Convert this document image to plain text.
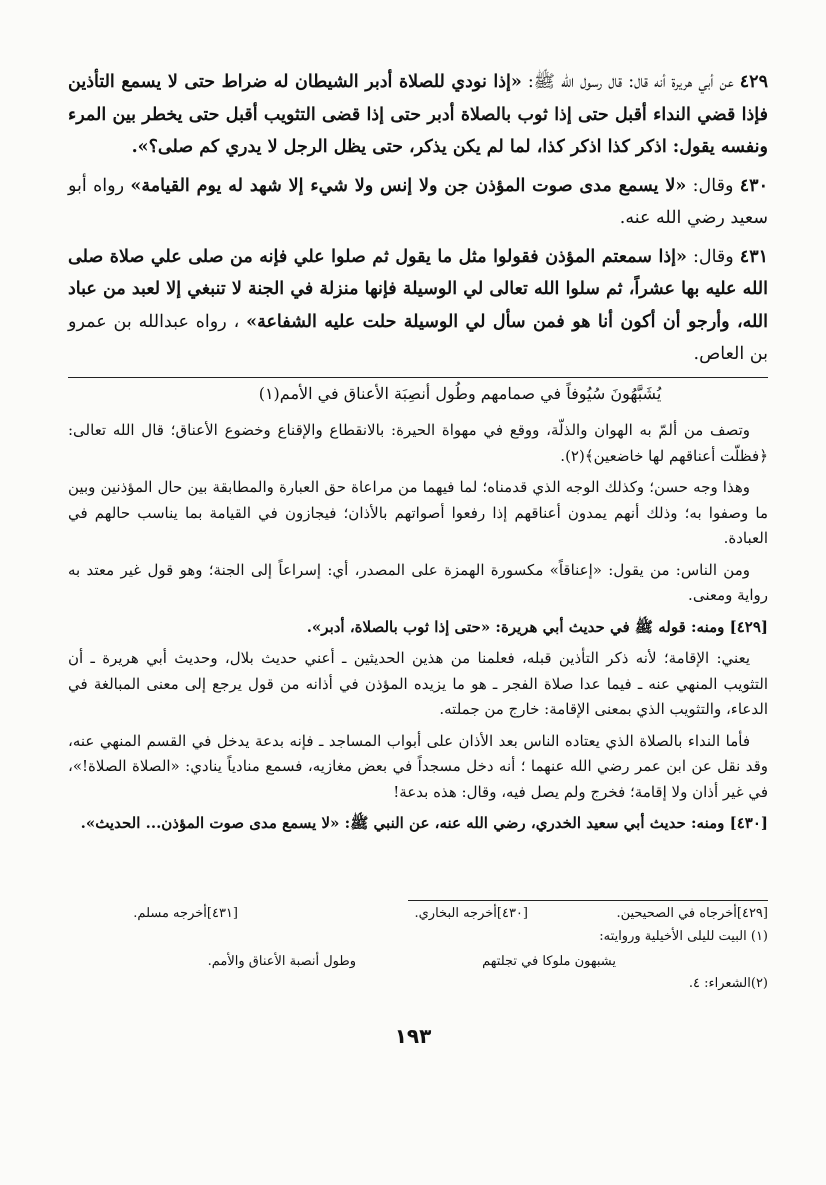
٤٢٩ عن أبي هريرة أنه قال: قال رسول الله ﷺ: «إذا نودي للصلاة أدبر الشيطان له ضراط حتى لا يسمع التأذين فإذا قضي النداء أقبل حتى إذا ثوب بالصلاة أدبر حتى إذا قضى التثويب أقبل حتى يخطر بين المرء ونفسه يقول: اذكر كذا اذكر كذا، لما لم يكن يذكر، حتى يظل الرجل لا يدري كم صلى؟».
٤٣٠ وقال: «لا يسمع مدى صوت المؤذن جن ولا إنس ولا شيء إلا شهد له يوم القيامة» رواه أبو سعيد رضي الله عنه.
٤٣١ وقال: «إذا سمعتم المؤذن فقولوا مثل ما يقول ثم صلوا علي فإنه من صلى علي صلاة صلى الله عليه بها عشراً، ثم سلوا الله تعالى لي الوسيلة فإنها منزلة في الجنة لا تنبغي إلا لعبد من عباد الله، وأرجو أن أكون أنا هو فمن سأل لي الوسيلة حلت عليه الشفاعة» ، رواه عبدالله بن عمرو بن العاص.
يُشَبَّهُونَ سُيُوفاً في صمامهم وطُول أنصِبَة الأعناق في الأمم(١)

وتصف من ألمّ به الهوان والذلّة، ووقع في مهواة الحيرة: بالانقطاع والإقناع وخضوع الأعناق؛ قال الله تعالى: ﴿فظلّت أعناقهم لها خاضعين﴾(٢).

وهذا وجه حسن؛ وكذلك الوجه الذي قدمناه؛ لما فيهما من مراعاة حق العبارة والمطابقة بين حال المؤذنين وبين ما وصفوا به؛ وذلك أنهم يمدون أعناقهم إذا رفعوا أصواتهم بالأذان؛ فيجازون في القيامة بما يناسب حالهم في العبادة.

ومن الناس: من يقول: «إعناقاً» مكسورة الهمزة على المصدر، أي: إسراعاً إلى الجنة؛ وهو قول غير معتد به رواية ومعنى.

[٤٢٩] ومنه: قوله ﷺ في حديث أبي هريرة: «حتى إذا ثوب بالصلاة، أدبر».

يعني: الإقامة؛ لأنه ذكر التأذين قبله، فعلمنا من هذين الحديثين ـ أعني حديث بلال، وحديث أبي هريرة ـ أن التثويب المنهي عنه ـ فيما عدا صلاة الفجر ـ هو ما يزيده المؤذن في أذانه من قول يرجع إلى معنى المبالغة في الدعاء، والتثويب الذي بمعنى الإقامة: خارج من جملته.

فأما النداء بالصلاة الذي يعتاده الناس بعد الأذان على أبواب المساجد ـ فإنه بدعة يدخل في القسم المنهي عنه، وقد نقل عن ابن عمر رضي الله عنهما ؛ أنه دخل مسجداً في بعض مغازيه، فسمع منادياً ينادي: «الصلاة الصلاة!»، في غير أذان ولا إقامة؛ فخرج ولم يصل فيه، وقال: هذه بدعة!

[٤٣٠] ومنه: حديث أبي سعيد الخدري، رضي الله عنه، عن النبي ﷺ: «لا يسمع مدى صوت المؤذن... الحديث».

[٤٢٩]أخرجاه في الصحيحين.
[٤٣٠]أخرجه البخاري.
[٤٣١]أخرجه مسلم.
(١) البيت لليلى الأخيلية وروايته:
يشبهون ملوكا في تجلتهم
وطول أنصبة الأعناق والأمم.
(٢)الشعراء: ٤.
١٩٣
